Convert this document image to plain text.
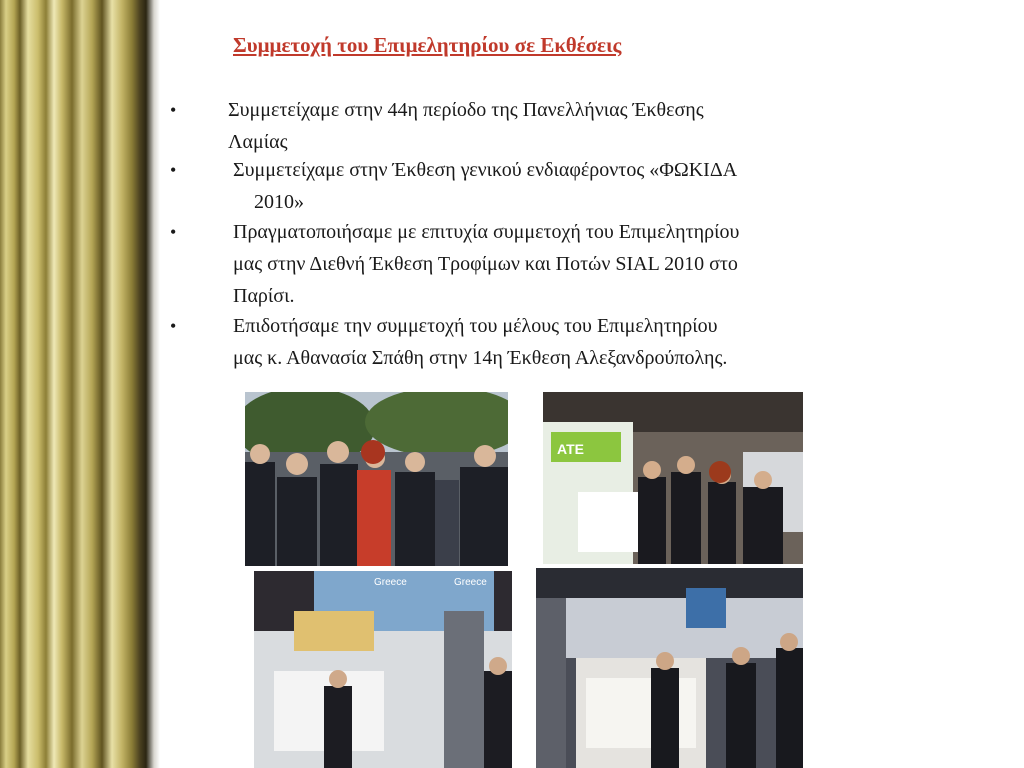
Συμμετοχή του Επιμελητηρίου σε Εκθέσεις
•	Συμμετείχαμε στην 44η περίοδο της Πανελλήνιας Έκθεσης
Λαμίας
•	Συμμετείχαμε στην Έκθεση γενικού ενδιαφέροντος «ΦΩΚΙΔΑ
2010»
•	Πραγματοποιήσαμε με επιτυχία συμμετοχή του Επιμελητηρίου
μας στην Διεθνή Έκθεση Τροφίμων και Ποτών SIAL 2010 στο
Παρίσι.
•	Επιδοτήσαμε την συμμετοχή του μέλους του Επιμελητηρίου
μας κ. Αθανασία Σπάθη στην 14η Έκθεση Αλεξανδρούπολης.
ATE
Greece	Greece
